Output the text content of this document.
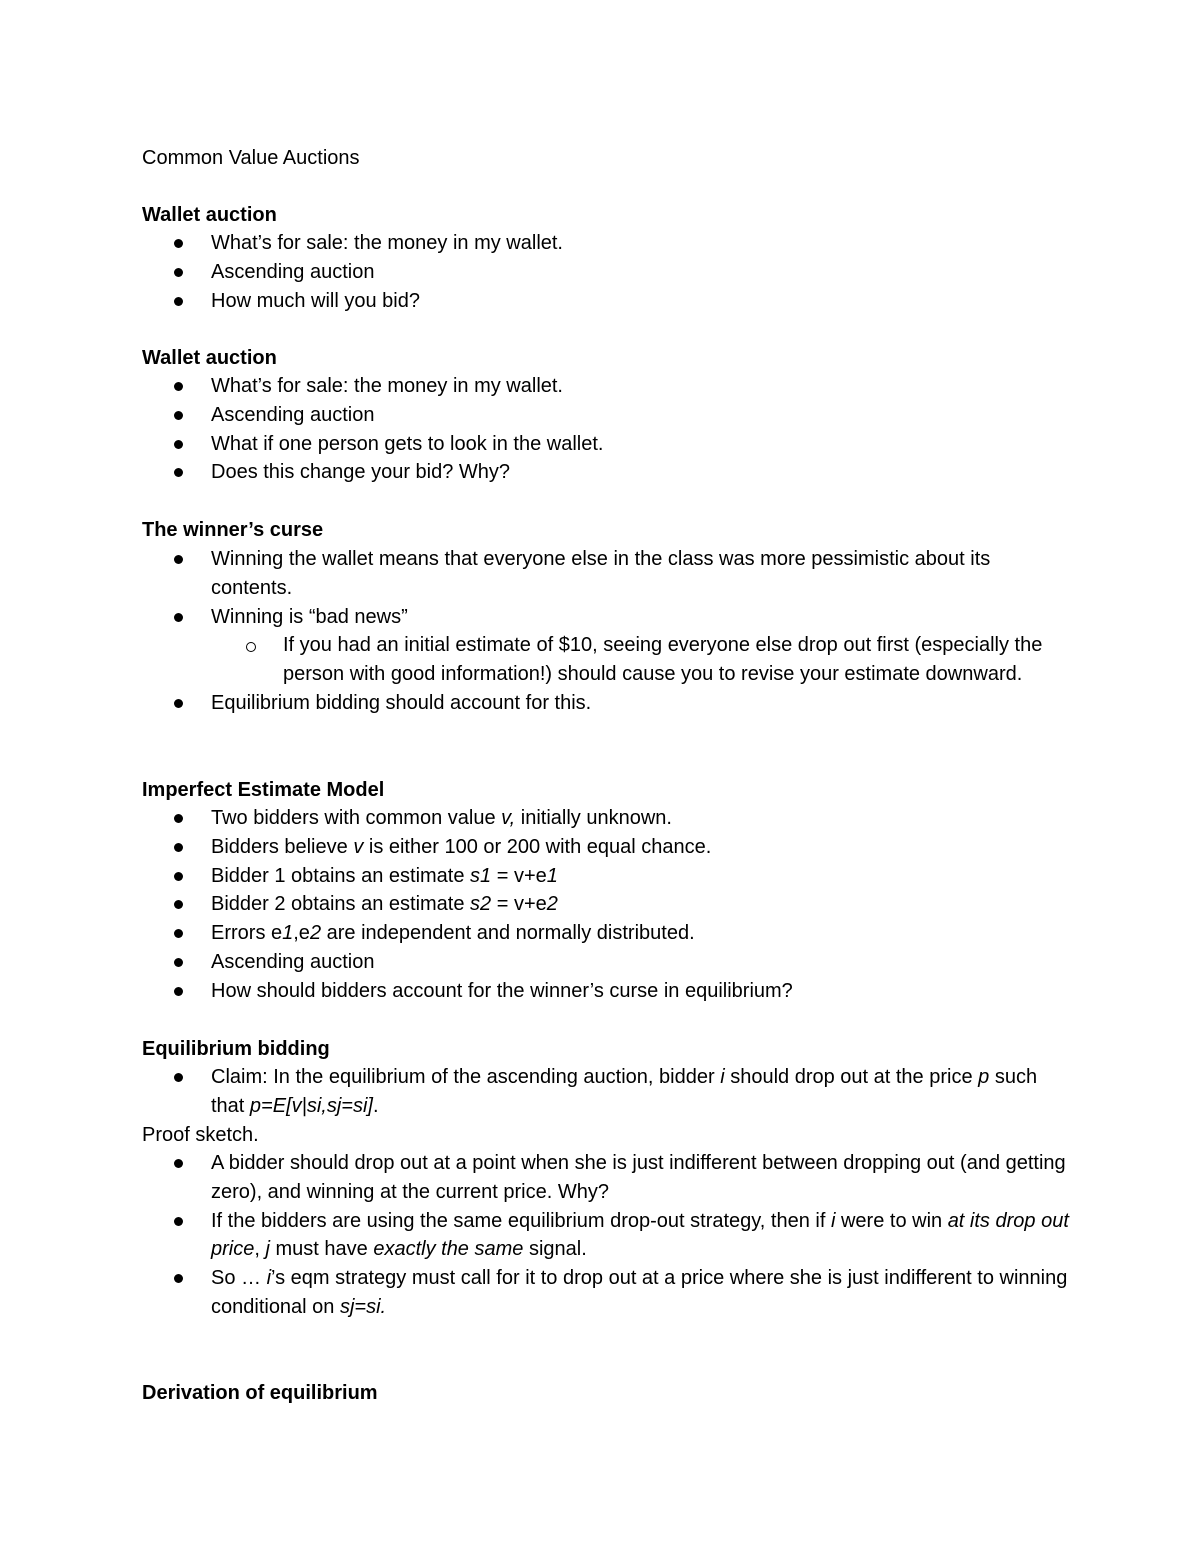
Common Value Auctions
Wallet auction
What’s for sale: the money in my wallet.
Ascending auction
How much will you bid?
Wallet auction
What’s for sale: the money in my wallet.
Ascending auction
What if one person gets to look in the wallet.
Does this change your bid? Why?
The winner’s curse
Winning the wallet means that everyone else in the class was more pessimistic about its contents.
Winning is “bad news”
If you had an initial estimate of $10, seeing everyone else drop out first (especially the person with good information!) should cause you to revise your estimate downward.
Equilibrium bidding should account for this.
Imperfect Estimate Model
Two bidders with common value v, initially unknown.
Bidders believe v is either 100 or 200 with equal chance.
Bidder 1 obtains an estimate s1 = v+e1
Bidder 2 obtains an estimate s2 = v+e2
Errors e1,e2 are independent and normally distributed.
Ascending auction
How should bidders account for the winner’s curse in equilibrium?
Equilibrium bidding
Claim: In the equilibrium of the ascending auction, bidder i should drop out at the price p such that p=E[v|si,sj=si].
Proof sketch.
A bidder should drop out at a point when she is just indifferent between dropping out (and getting zero), and winning at the current price. Why?
If the bidders are using the same equilibrium drop-out strategy, then if i were to win at its drop out price, j must have exactly the same signal.
So … i’s eqm strategy must call for it to drop out at a price where she is just indifferent to winning conditional on sj=si.
Derivation of equilibrium
